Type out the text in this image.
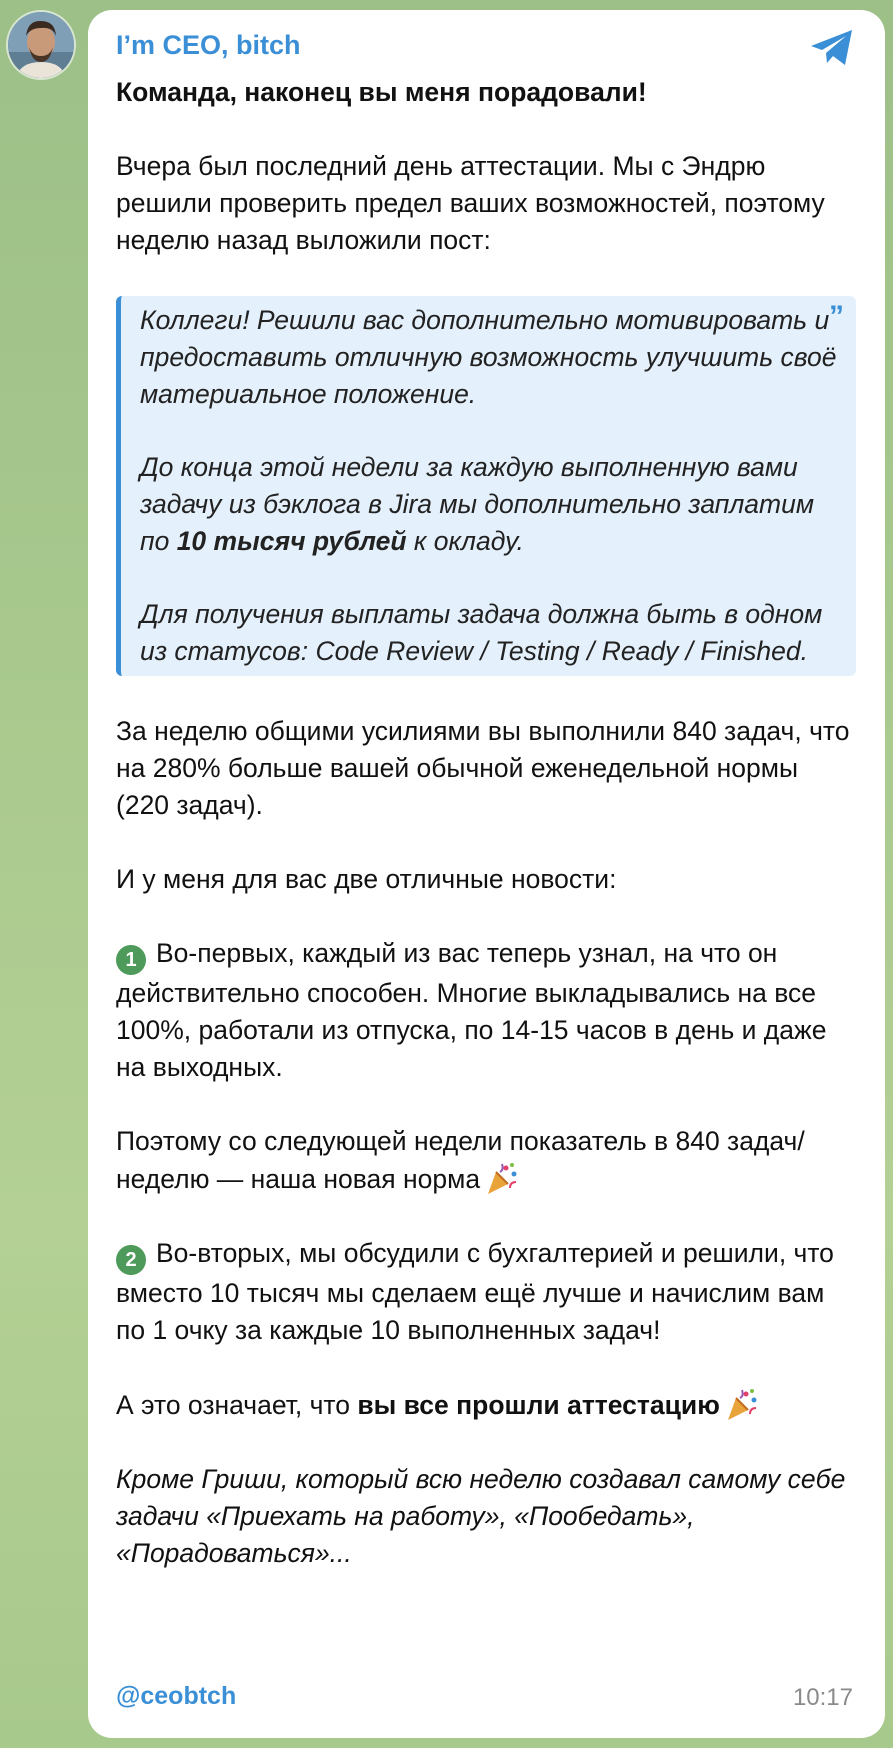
I’m CEO, bitch

Команда, наконец вы меня порадовали!

Вчера был последний день аттестации. Мы с Эндрю решили проверить предел ваших возможностей, поэтому неделю назад выложили пост:

”

Коллеги! Решили вас дополнительно мотивировать и предоставить отличную возможность улучшить своё материальное положение.

До конца этой недели за каждую выполненную вами задачу из бэклога в Jira мы дополнительно заплатим по 10 тысяч рублей к окладу.

Для получения выплаты задача должна быть в одном из статусов: Code Review / Testing / Ready / Finished.

За неделю общими усилиями вы выполнили 840 задач, что на 280% больше вашей обычной еженедельной нормы (220 задач).

И у меня для вас две отличные новости:

1 Во-первых, каждый из вас теперь узнал, на что он действительно способен. Многие выкладывались на все 100%, работали из отпуска, по 14-15 часов в день и даже на выходных.

Поэтому со следующей недели показатель в 840 задач/неделю — наша новая норма

2 Во-вторых, мы обсудили с бухгалтерией и решили, что вместо 10 тысяч мы сделаем ещё лучше и начислим вам по 1 очку за каждые 10 выполненных задач!

А это означает, что вы все прошли аттестацию

Кроме Гриши, который всю неделю создавал самому себе задачи «Приехать на работу», «Пообедать», «Порадоваться»...

@ceobtch	10:17
